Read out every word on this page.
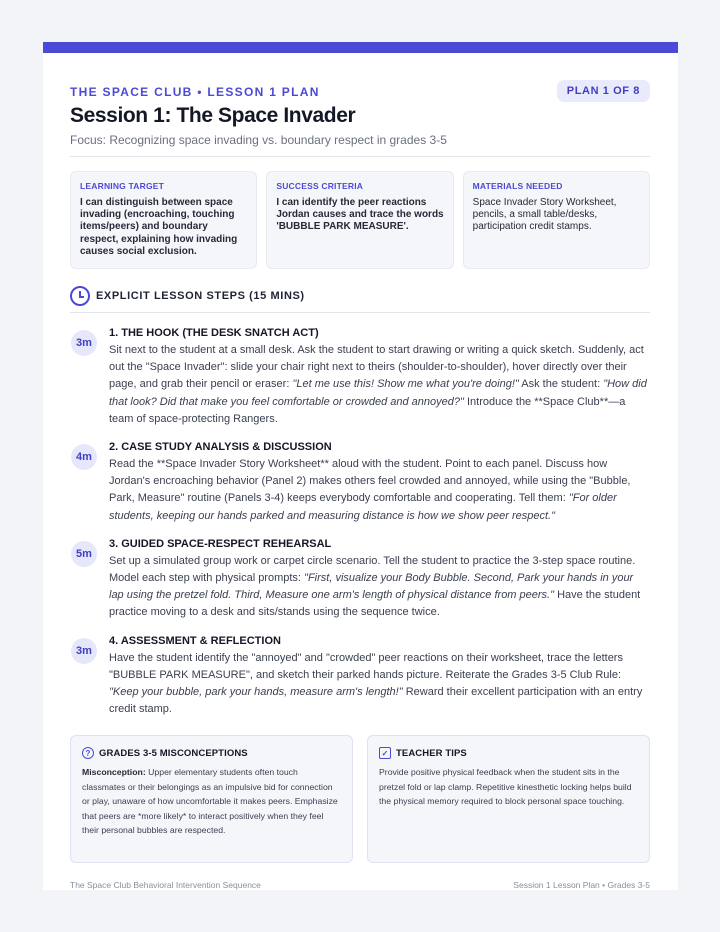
THE SPACE CLUB • LESSON 1 PLAN	PLAN 1 OF 8
Session 1: The Space Invader
Focus: Recognizing space invading vs. boundary respect in grades 3-5
LEARNING TARGET
I can distinguish between space invading (encroaching, touching items/peers) and boundary respect, explaining how invading causes social exclusion.
SUCCESS CRITERIA
I can identify the peer reactions Jordan causes and trace the words 'BUBBLE PARK MEASURE'.
MATERIALS NEEDED
Space Invader Story Worksheet, pencils, a small table/desks, participation credit stamps.
EXPLICIT LESSON STEPS (15 MINS)
3m
1. THE HOOK (THE DESK SNATCH ACT)
Sit next to the student at a small desk. Ask the student to start drawing or writing a quick sketch. Suddenly, act out the "Space Invader": slide your chair right next to theirs (shoulder-to-shoulder), hover directly over their page, and grab their pencil or eraser: "Let me use this! Show me what you're doing!" Ask the student: "How did that look? Did that make you feel comfortable or crowded and annoyed?" Introduce the **Space Club**—a team of space-protecting Rangers.
4m
2. CASE STUDY ANALYSIS & DISCUSSION
Read the **Space Invader Story Worksheet** aloud with the student. Point to each panel. Discuss how Jordan's encroaching behavior (Panel 2) makes others feel crowded and annoyed, while using the "Bubble, Park, Measure" routine (Panels 3-4) keeps everybody comfortable and cooperating. Tell them: "For older students, keeping our hands parked and measuring distance is how we show peer respect."
5m
3. GUIDED SPACE-RESPECT REHEARSAL
Set up a simulated group work or carpet circle scenario. Tell the student to practice the 3-step space routine. Model each step with physical prompts: "First, visualize your Body Bubble. Second, Park your hands in your lap using the pretzel fold. Third, Measure one arm's length of physical distance from peers." Have the student practice moving to a desk and sits/stands using the sequence twice.
3m
4. ASSESSMENT & REFLECTION
Have the student identify the "annoyed" and "crowded" peer reactions on their worksheet, trace the letters "BUBBLE PARK MEASURE", and sketch their parked hands picture. Reiterate the Grades 3-5 Club Rule: "Keep your bubble, park your hands, measure arm's length!" Reward their excellent participation with an entry credit stamp.
? GRADES 3-5 MISCONCEPTIONS
Misconception: Upper elementary students often touch classmates or their belongings as an impulsive bid for connection or play, unaware of how uncomfortable it makes peers. Emphasize that peers are *more likely* to interact positively when they feel their personal bubbles are respected.
✓ TEACHER TIPS
Provide positive physical feedback when the student sits in the pretzel fold or lap clamp. Repetitive kinesthetic locking helps build the physical memory required to block personal space touching.
The Space Club Behavioral Intervention Sequence	Session 1 Lesson Plan • Grades 3-5
